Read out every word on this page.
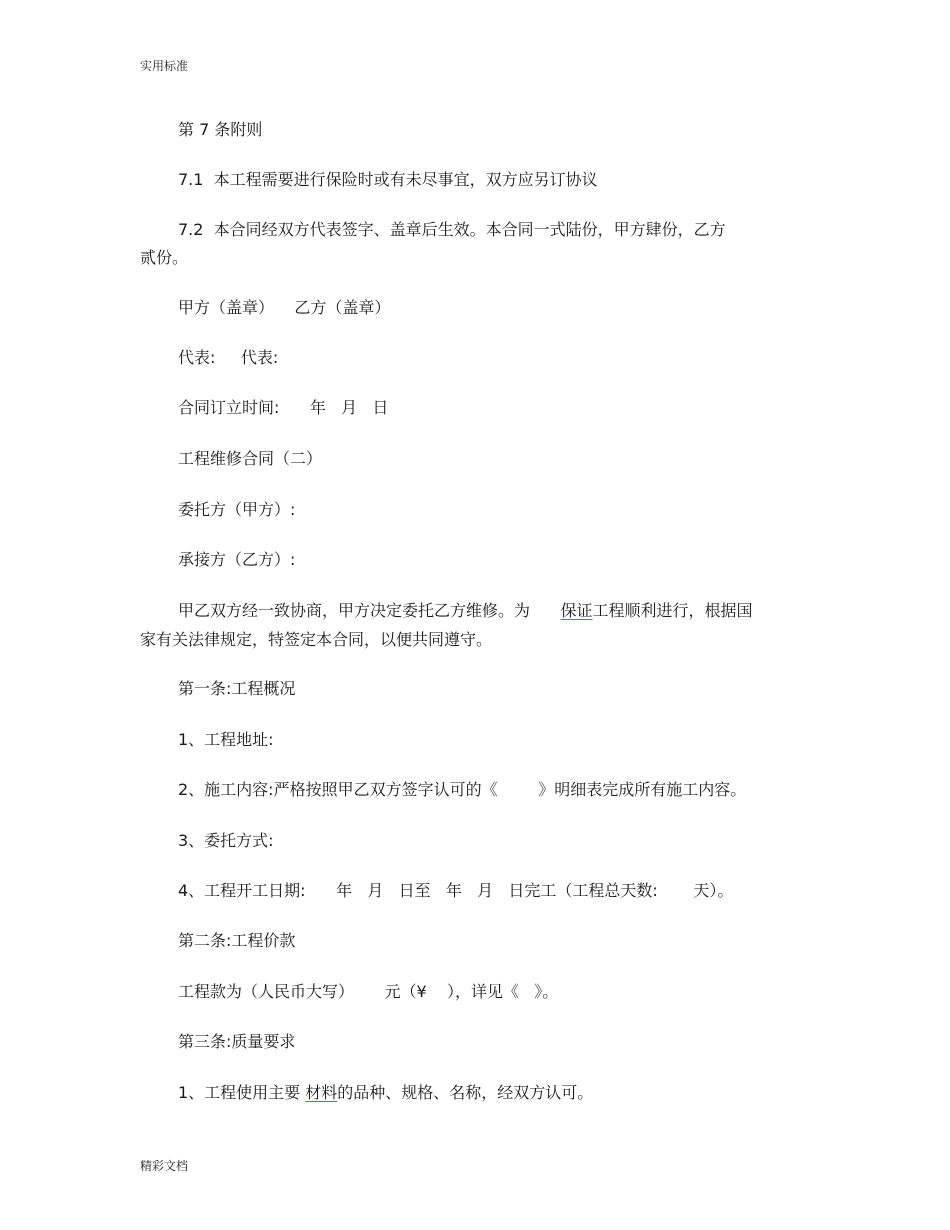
实用标准
第 7 条附则
7.1  本工程需要进行保险时或有未尽事宜，双方应另订协议
7.2  本合同经双方代表签字、盖章后生效。本合同一式陆份，甲方肆份，乙方
贰份。
甲方（盖章）    乙方（盖章）
代表:     代表:
合同订立时间:      年   月   日
工程维修合同（二）
委托方（甲方）:
承接方（乙方）:
甲乙双方经一致协商，甲方决定委托乙方维修。为      保证工程顺利进行，根据国
家有关法律规定，特签定本合同，以便共同遵守。
第一条:工程概况
1、工程地址:
2、施工内容:严格按照甲乙双方签字认可的《        》明细表完成所有施工内容。
3、委托方式:
4、工程开工日期:      年   月   日至   年   月   日完工（工程总天数:       天）。
第二条:工程价款
工程款为（人民币大写）      元（¥    ），详见《   》。
第三条:质量要求
1、工程使用主要 材料的品种、规格、名称，经双方认可。
精彩文档
